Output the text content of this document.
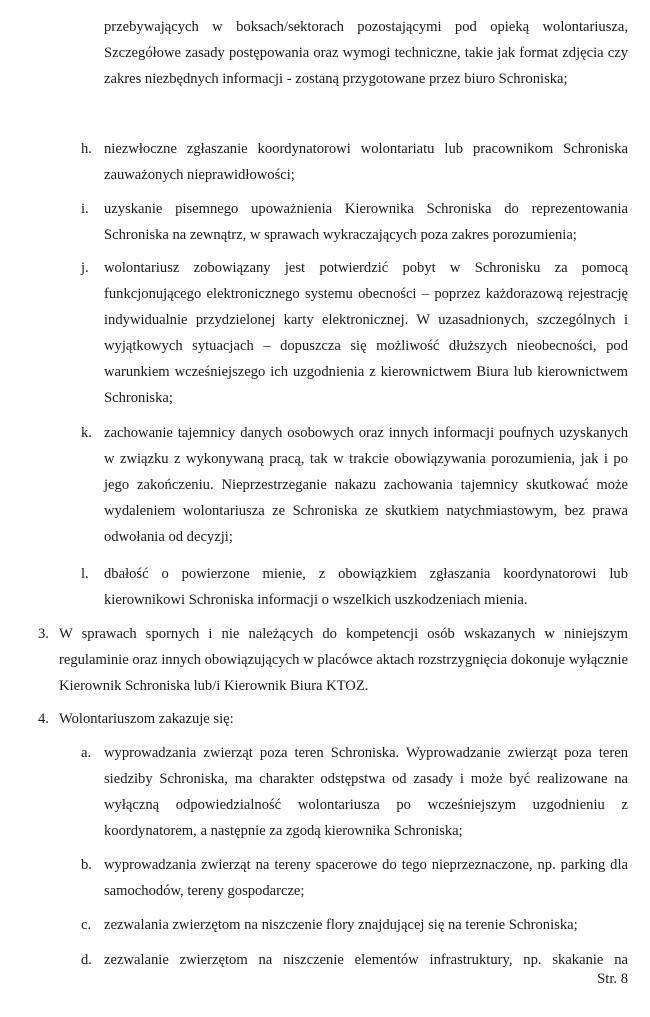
przebywających w boksach/sektorach pozostającymi pod opieką wolontariusza, Szczegółowe zasady postępowania oraz wymogi techniczne, takie jak format zdjęcia czy zakres niezbędnych informacji - zostaną przygotowane przez biuro Schroniska;
h. niezwłoczne zgłaszanie koordynatorowi wolontariatu lub pracownikom Schroniska zauważonych nieprawidłowości;
i. uzyskanie pisemnego upoważnienia Kierownika Schroniska do reprezentowania Schroniska na zewnątrz, w sprawach wykraczających poza zakres porozumienia;
j. wolontariusz zobowiązany jest potwierdzić pobyt w Schronisku za pomocą funkcjonującego elektronicznego systemu obecności – poprzez każdorazową rejestrację indywidualnie przydzielonej karty elektronicznej. W uzasadnionych, szczególnych i wyjątkowych sytuacjach – dopuszcza się możliwość dłuższych nieobecności, pod warunkiem wcześniejszego ich uzgodnienia z kierownictwem Biura lub kierownictwem Schroniska;
k. zachowanie tajemnicy danych osobowych oraz innych informacji poufnych uzyskanych w związku z wykonywaną pracą, tak w trakcie obowiązywania porozumienia, jak i po jego zakończeniu. Nieprzestrzeganie nakazu zachowania tajemnicy skutkować może wydaleniem wolontariusza ze Schroniska ze skutkiem natychmiastowym, bez prawa odwołania od decyzji;
l. dbałość o powierzone mienie, z obowiązkiem zgłaszania koordynatorowi lub kierownikowi Schroniska informacji o wszelkich uszkodzeniach mienia.
3. W sprawach spornych i nie należących do kompetencji osób wskazanych w niniejszym regulaminie oraz innych obowiązujących w placówce aktach rozstrzygnięcia dokonuje wyłącznie Kierownik Schroniska lub/i Kierownik Biura KTOZ.
4. Wolontariuszom zakazuje się:
a. wyprowadzania zwierząt poza teren Schroniska. Wyprowadzanie zwierząt poza teren siedziby Schroniska, ma charakter odstępstwa od zasady i może być realizowane na wyłączną odpowiedzialność wolontariusza po wcześniejszym uzgodnieniu z koordynatorem, a następnie za zgodą kierownika Schroniska;
b. wyprowadzania zwierząt na tereny spacerowe do tego nieprzeznaczone, np. parking dla samochodów, tereny gospodarcze;
c. zezwalania zwierzętom na niszczenie flory znajdującej się na terenie Schroniska;
d. zezwalanie zwierzętom na niszczenie elementów infrastruktury, np. skakanie na
Str. 8
